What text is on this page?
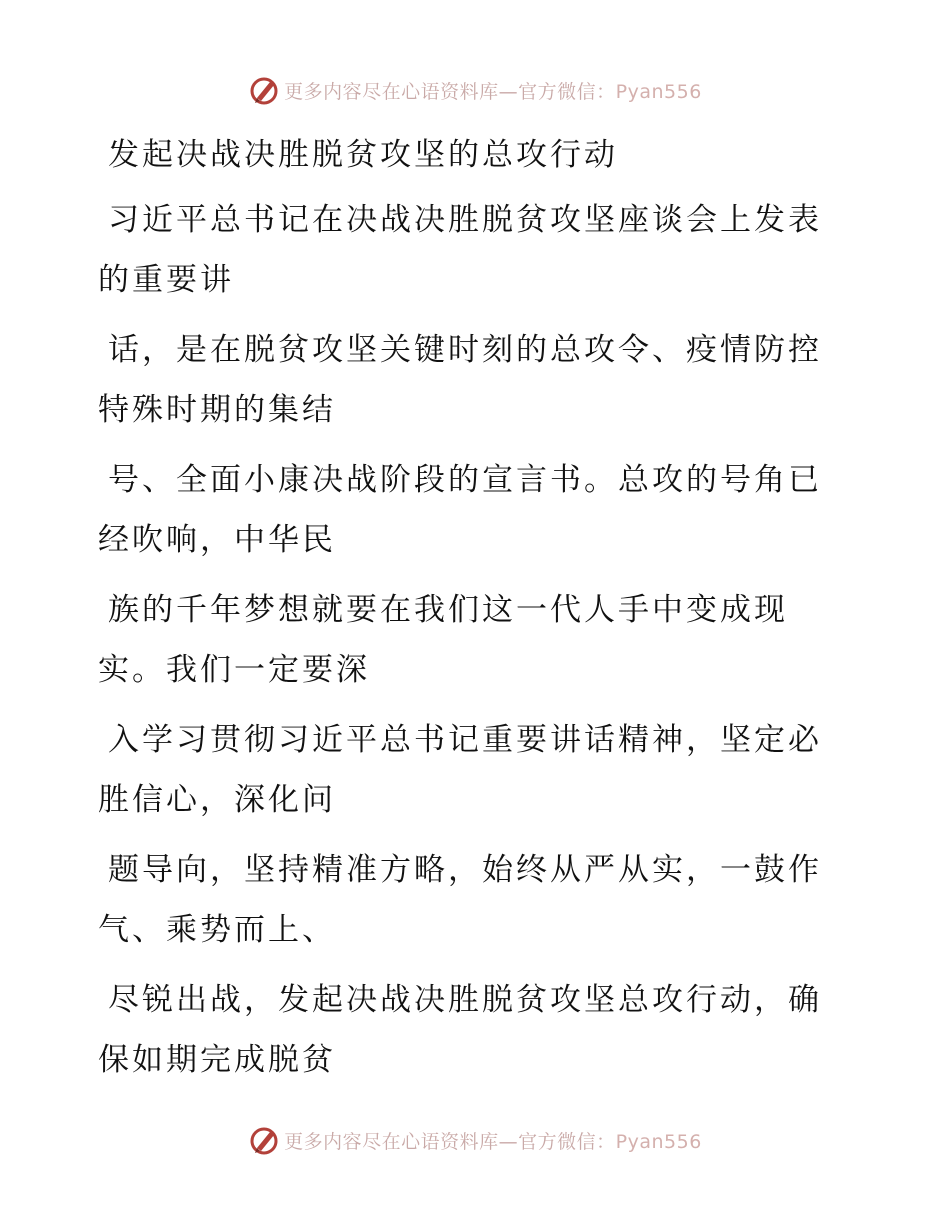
更多内容尽在心语资料库—官方微信：Pyan556
发起决战决胜脱贫攻坚的总攻行动
习近平总书记在决战决胜脱贫攻坚座谈会上发表
的重要讲
话，是在脱贫攻坚关键时刻的总攻令、疫情防控
特殊时期的集结
号、全面小康决战阶段的宣言书。总攻的号角已
经吹响，中华民
族的千年梦想就要在我们这一代人手中变成现
实。我们一定要深
入学习贯彻习近平总书记重要讲话精神，坚定必
胜信心，深化问
题导向，坚持精准方略，始终从严从实，一鼓作
气、乘势而上、
尽锐出战，发起决战决胜脱贫攻坚总攻行动，确
保如期完成脱贫
更多内容尽在心语资料库—官方微信：Pyan556
